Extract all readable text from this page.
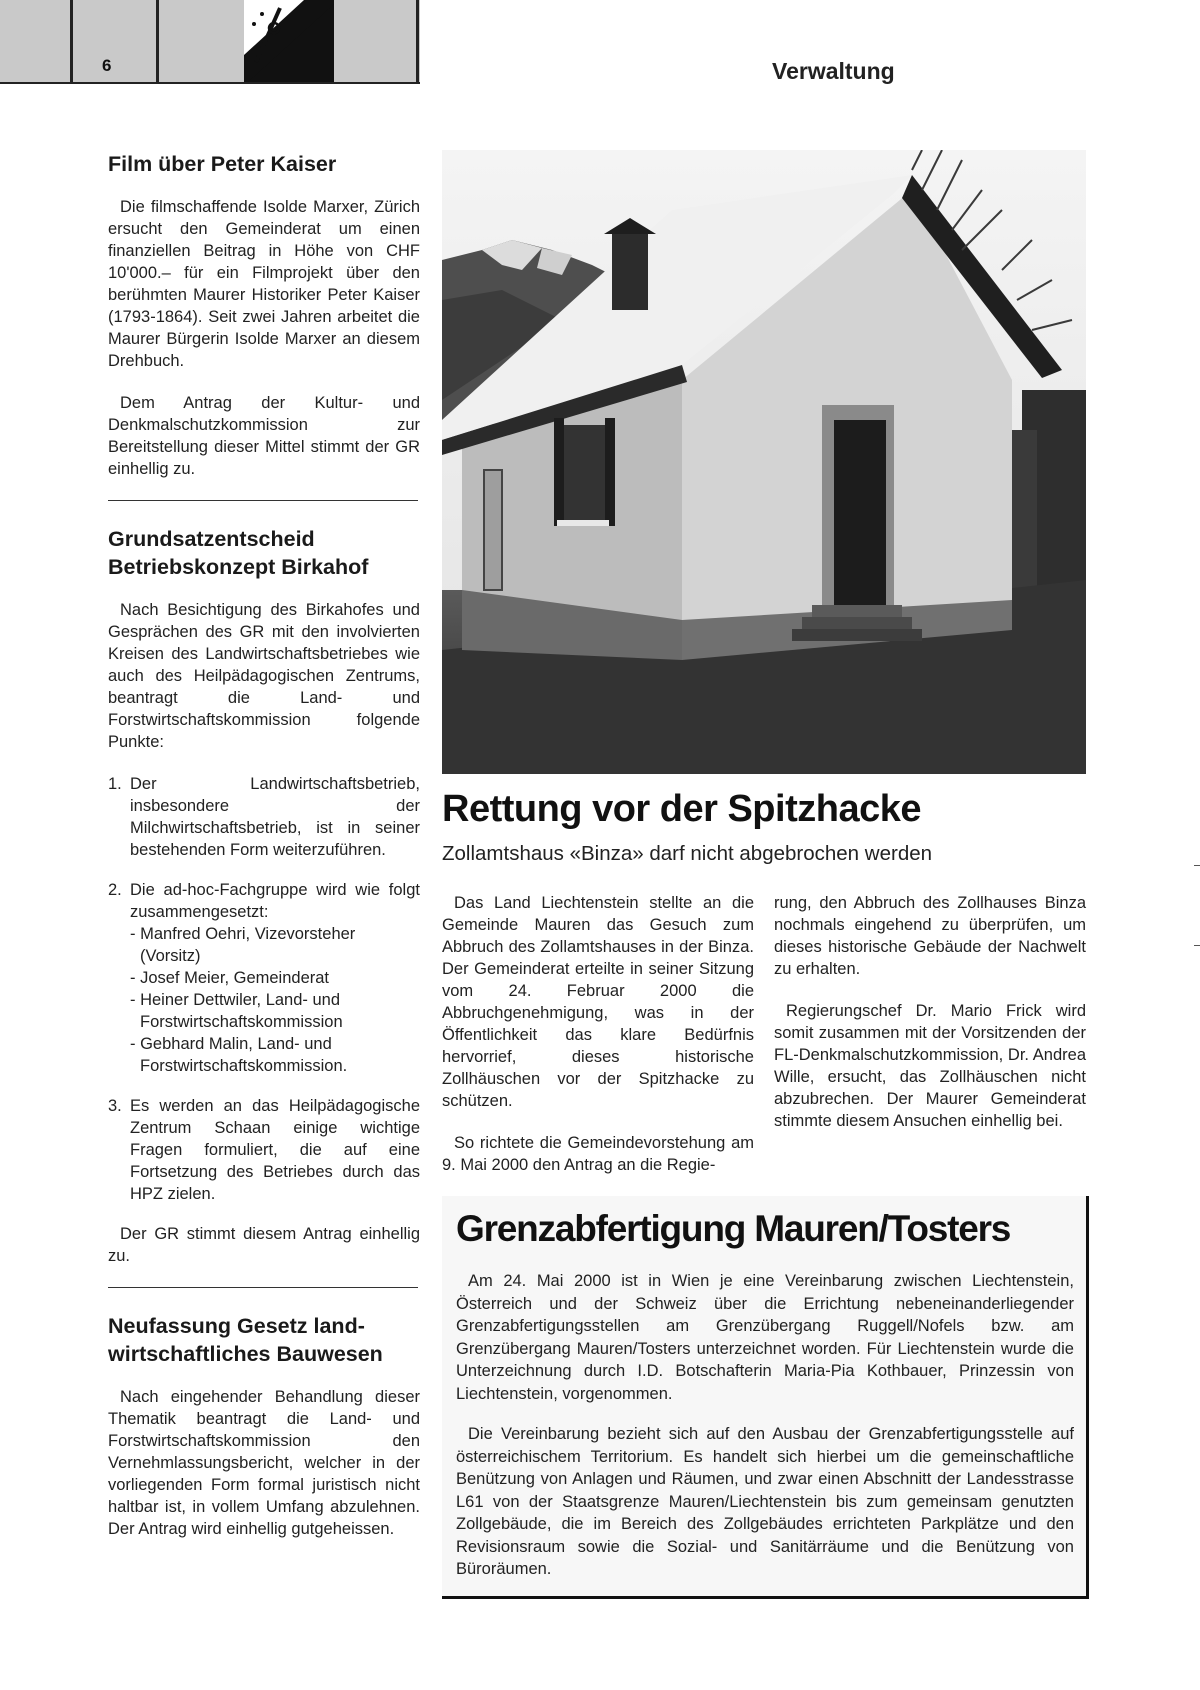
6	Verwaltung
Film über Peter Kaiser

Die filmschaffende Isolde Marxer, Zürich ersucht den Gemeinderat um einen finanziellen Beitrag in Höhe von CHF 10'000.– für ein Filmprojekt über den berühmten Maurer Historiker Peter Kaiser (1793-1864). Seit zwei Jahren arbeitet die Maurer Bürgerin Isolde Marxer an diesem Drehbuch.

Dem Antrag der Kultur- und Denkmalschutzkommission zur Bereitstellung dieser Mittel stimmt der GR einhellig zu.

Grundsatzentscheid
Betriebskonzept Birkahof

Nach Besichtigung des Birkahofes und Gesprächen des GR mit den involvierten Kreisen des Landwirtschaftsbetriebes wie auch des Heilpädagogischen Zentrums, beantragt die Land- und Forstwirtschaftskommission folgende Punkte:

1. Der Landwirtschaftsbetrieb, insbesondere der Milchwirtschaftsbetrieb, ist in seiner bestehenden Form weiterzuführen.
2. Die ad-hoc-Fachgruppe wird wie folgt zusammengesetzt:
- Manfred Oehri, Vizevorsteher (Vorsitz)
- Josef Meier, Gemeinderat
- Heiner Dettwiler, Land- und Forstwirtschaftskommission
- Gebhard Malin, Land- und Forstwirtschaftskommission.
3. Es werden an das Heilpädagogische Zentrum Schaan einige wichtige Fragen formuliert, die auf eine Fortsetzung des Betriebes durch das HPZ zielen.

Der GR stimmt diesem Antrag einhellig zu.

Neufassung Gesetz land-
wirtschaftliches Bauwesen

Nach eingehender Behandlung dieser Thematik beantragt die Land- und Forstwirtschaftskommission den Vernehmlassungsbericht, welcher in der vorliegenden Form formal juristisch nicht haltbar ist, in vollem Umfang abzulehnen. Der Antrag wird einhellig gutgeheissen.

Rettung vor der Spitzhacke
Zollamtshaus «Binza» darf nicht abgebrochen werden

Das Land Liechtenstein stellte an die Gemeinde Mauren das Gesuch zum Abbruch des Zollamtshauses in der Binza. Der Gemeinderat erteilte in seiner Sitzung vom 24. Februar 2000 die Abbruchgenehmigung, was in der Öffentlichkeit das klare Bedürfnis hervorrief, dieses historische Zollhäuschen vor der Spitzhacke zu schützen.

So richtete die Gemeindevorstehung am 9. Mai 2000 den Antrag an die Regie-

rung, den Abbruch des Zollhauses Binza nochmals eingehend zu überprüfen, um dieses historische Gebäude der Nachwelt zu erhalten.

Regierungschef Dr. Mario Frick wird somit zusammen mit der Vorsitzenden der FL-Denkmalschutzkommission, Dr. Andrea Wille, ersucht, das Zollhäuschen nicht abzubrechen. Der Maurer Gemeinderat stimmte diesem Ansuchen einhellig bei.

Grenzabfertigung Mauren/Tosters

Am 24. Mai 2000 ist in Wien je eine Vereinbarung zwischen Liechtenstein, Österreich und der Schweiz über die Errichtung nebeneinanderliegender Grenzabfertigungsstellen am Grenzübergang Ruggell/Nofels bzw. am Grenzübergang Mauren/Tosters unterzeichnet worden. Für Liechtenstein wurde die Unterzeichnung durch I.D. Botschafterin Maria-Pia Kothbauer, Prinzessin von Liechtenstein, vorgenommen.

Die Vereinbarung bezieht sich auf den Ausbau der Grenzabfertigungsstelle auf österreichischem Territorium. Es handelt sich hierbei um die gemeinschaftliche Benützung von Anlagen und Räumen, und zwar einen Abschnitt der Landesstrasse L61 von der Staatsgrenze Mauren/Liechtenstein bis zum gemeinsam genutzten Zollgebäude, die im Bereich des Zollgebäudes errichteten Parkplätze und den Revisionsraum sowie die Sozial- und Sanitärräume und die Benützung von Büroräumen.
